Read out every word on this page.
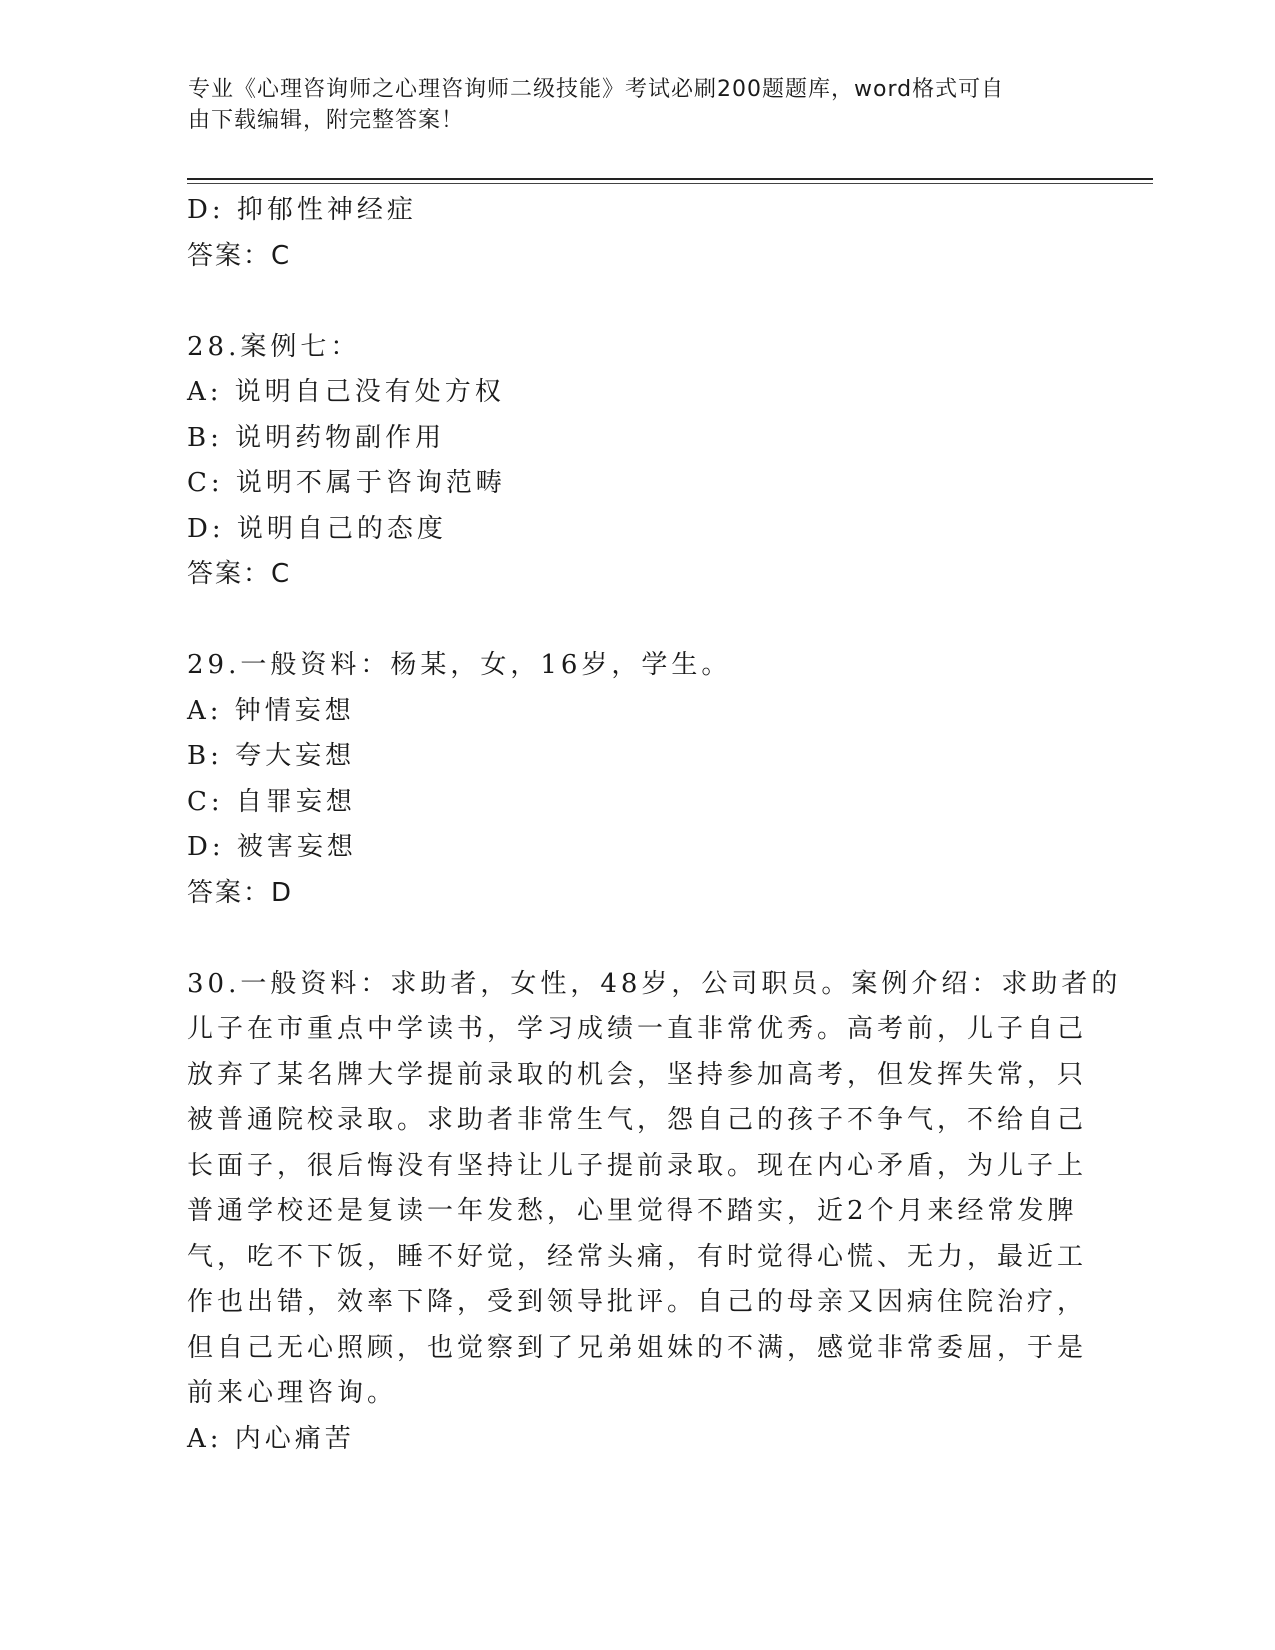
专业《心理咨询师之心理咨询师二级技能》考试必刷200题题库，word格式可自
由下载编辑，附完整答案！
D: 抑郁性神经症
答案：C
28.案例七：
A: 说明自己没有处方权
B: 说明药物副作用
C: 说明不属于咨询范畴
D: 说明自己的态度
答案：C
29.一般资料：杨某，女，16岁，学生。
A: 钟情妄想
B: 夸大妄想
C: 自罪妄想
D: 被害妄想
答案：D
30.一般资料：求助者，女性，48岁，公司职员。案例介绍：求助者的
儿子在市重点中学读书，学习成绩一直非常优秀。高考前，儿子自己
放弃了某名牌大学提前录取的机会，坚持参加高考，但发挥失常，只
被普通院校录取。求助者非常生气，怨自己的孩子不争气，不给自己
长面子，很后悔没有坚持让儿子提前录取。现在内心矛盾，为儿子上
普通学校还是复读一年发愁，心里觉得不踏实，近2个月来经常发脾
气，吃不下饭，睡不好觉，经常头痛，有时觉得心慌、无力，最近工
作也出错，效率下降，受到领导批评。自己的母亲又因病住院治疗，
但自己无心照顾，也觉察到了兄弟姐妹的不满，感觉非常委屈，于是
前来心理咨询。
A: 内心痛苦
